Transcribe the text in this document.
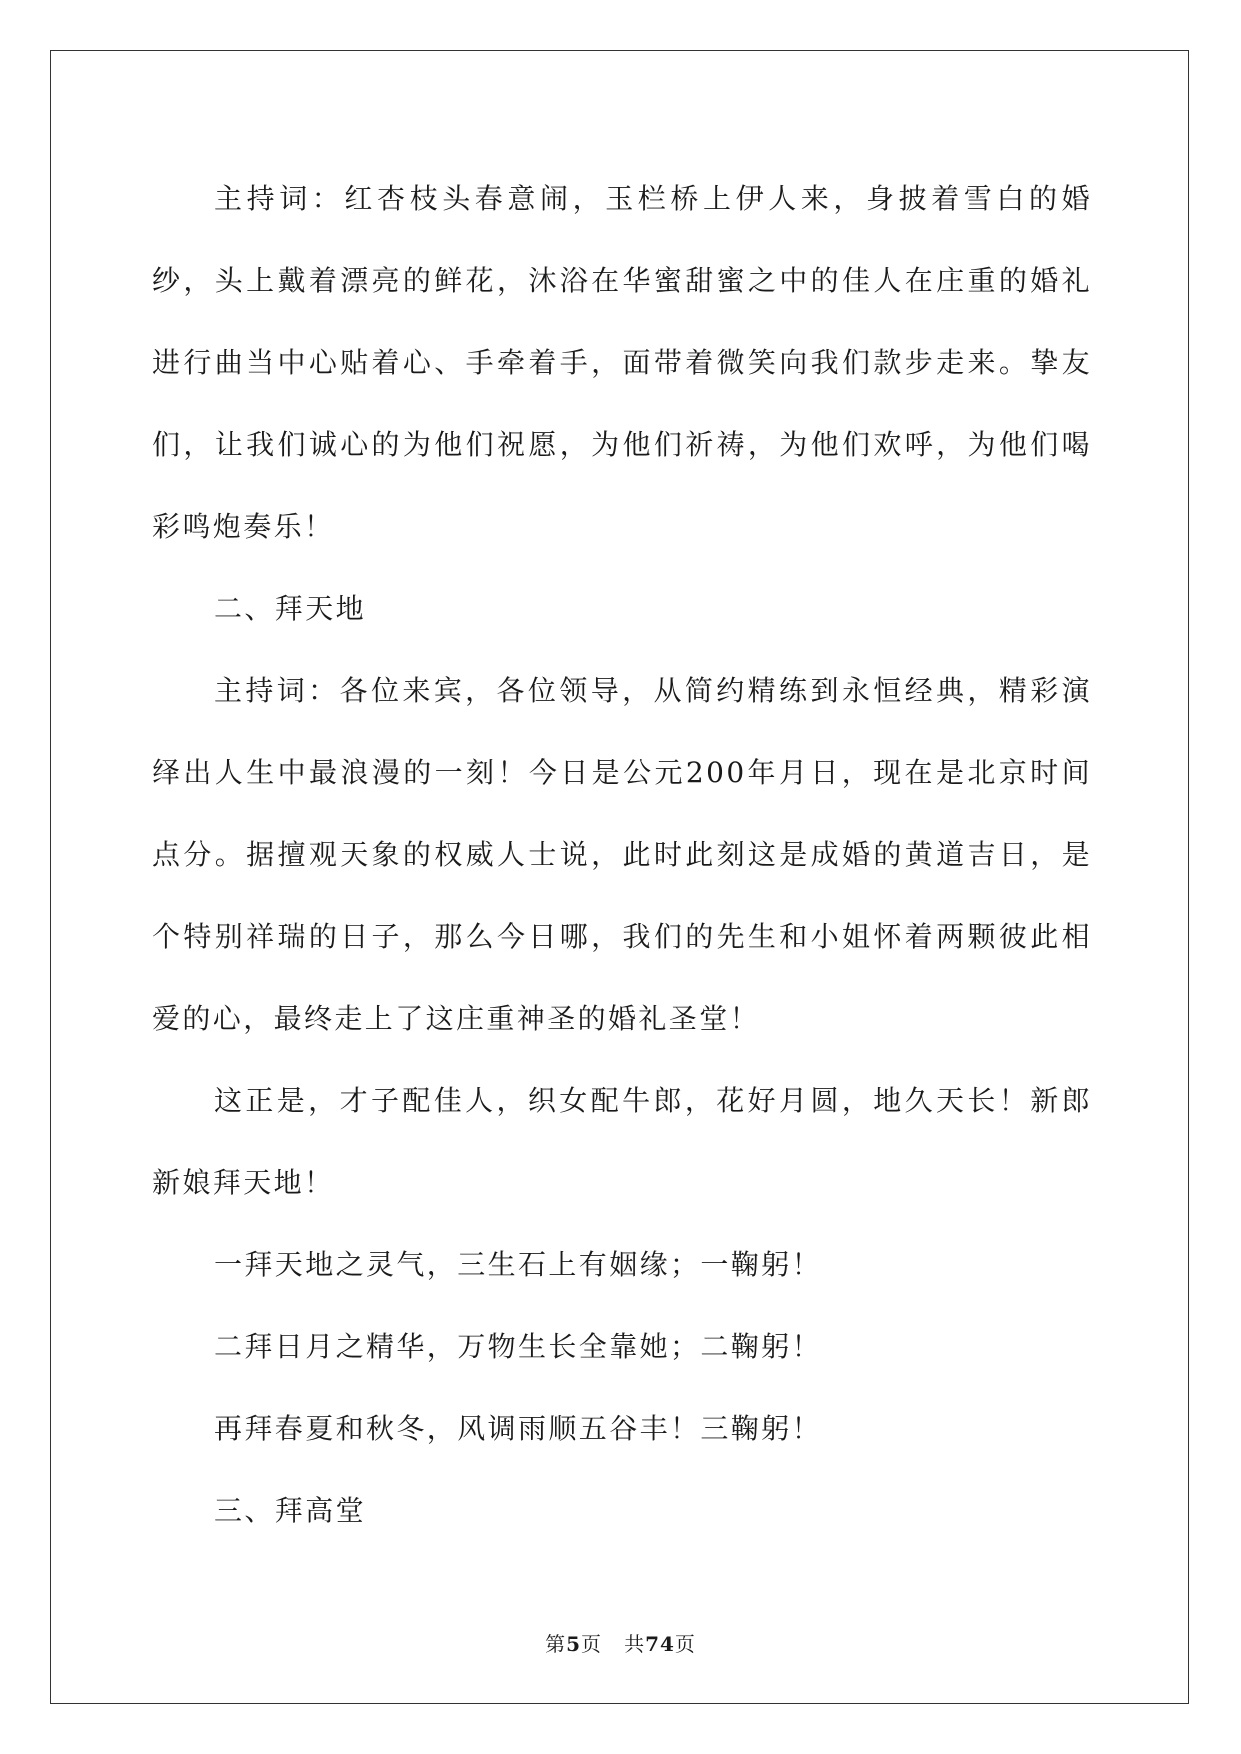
主持词：红杏枝头春意闹，玉栏桥上伊人来，身披着雪白的婚纱，头上戴着漂亮的鲜花，沐浴在华蜜甜蜜之中的佳人在庄重的婚礼进行曲当中心贴着心、手牵着手，面带着微笑向我们款步走来。挚友们，让我们诚心的为他们祝愿，为他们祈祷，为他们欢呼，为他们喝彩鸣炮奏乐！

二、拜天地

主持词：各位来宾，各位领导，从简约精练到永恒经典，精彩演绎出人生中最浪漫的一刻！今日是公元200年月日，现在是北京时间点分。据擅观天象的权威人士说，此时此刻这是成婚的黄道吉日，是个特别祥瑞的日子，那么今日哪，我们的先生和小姐怀着两颗彼此相爱的心，最终走上了这庄重神圣的婚礼圣堂！

这正是，才子配佳人，织女配牛郎，花好月圆，地久天长！新郎新娘拜天地！

一拜天地之灵气，三生石上有姻缘；一鞠躬！

二拜日月之精华，万物生长全靠她；二鞠躬！

再拜春夏和秋冬，风调雨顺五谷丰！三鞠躬！

三、拜高堂

第5页 共74页
